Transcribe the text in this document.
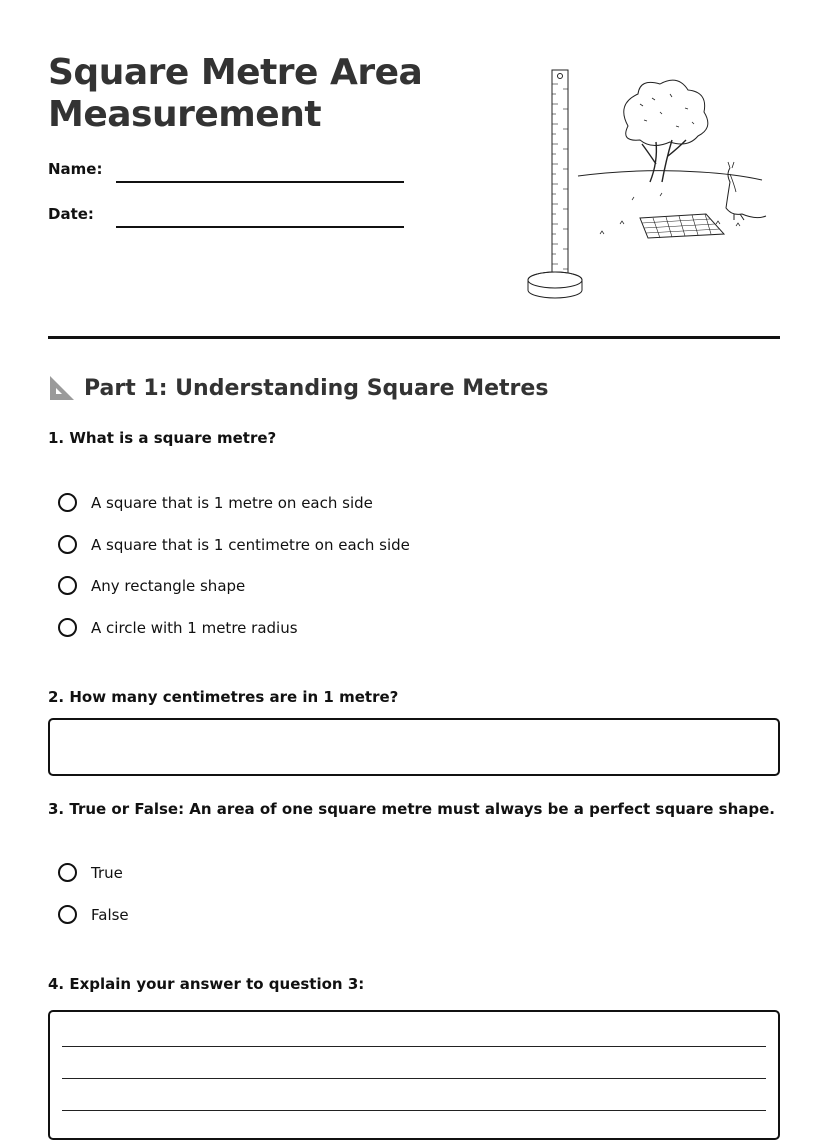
Square Metre Area
Measurement
Name:
Date:
Part 1: Understanding Square Metres
1. What is a square metre?
A square that is 1 metre on each side
A square that is 1 centimetre on each side
Any rectangle shape
A circle with 1 metre radius
2. How many centimetres are in 1 metre?
3. True or False: An area of one square metre must always be a perfect square shape.
True
False
4. Explain your answer to question 3:
